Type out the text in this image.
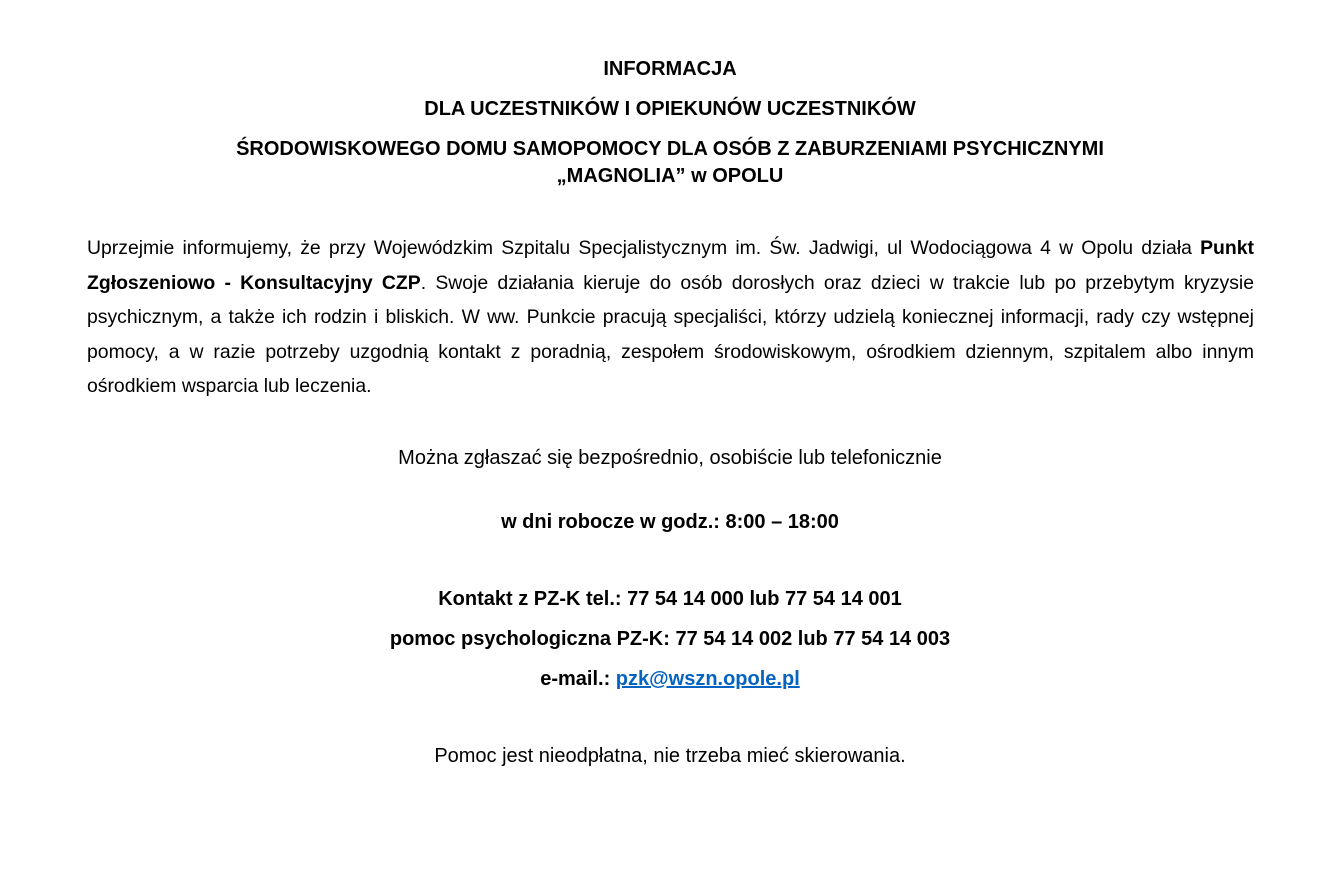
INFORMACJA
DLA UCZESTNIKÓW I OPIEKUNÓW UCZESTNIKÓW
ŚRODOWISKOWEGO DOMU SAMOPOMOCY DLA OSÓB Z ZABURZENIAMI PSYCHICZNYMI
„MAGNOLIA” w OPOLU
Uprzejmie informujemy, że przy Wojewódzkim Szpitalu Specjalistycznym im. Św. Jadwigi, ul Wodociągowa 4 w Opolu działa Punkt Zgłoszeniowo - Konsultacyjny CZP. Swoje działania kieruje do osób dorosłych oraz dzieci w trakcie lub po przebytym kryzysie psychicznym, a także ich rodzin i bliskich. W ww. Punkcie pracują specjaliści, którzy udzielą koniecznej informacji, rady czy wstępnej pomocy, a w razie potrzeby uzgodnią kontakt z poradnią, zespołem środowiskowym, ośrodkiem dziennym, szpitalem albo innym ośrodkiem wsparcia lub leczenia.
Można zgłaszać się bezpośrednio, osobiście lub telefonicznie
w dni robocze w godz.: 8:00 – 18:00
Kontakt z PZ-K tel.: 77 54 14 000 lub 77 54 14 001
pomoc psychologiczna PZ-K: 77 54 14 002 lub 77 54 14 003
e-mail.: pzk@wszn.opole.pl
Pomoc jest nieodpłatna, nie trzeba mieć skierowania.
